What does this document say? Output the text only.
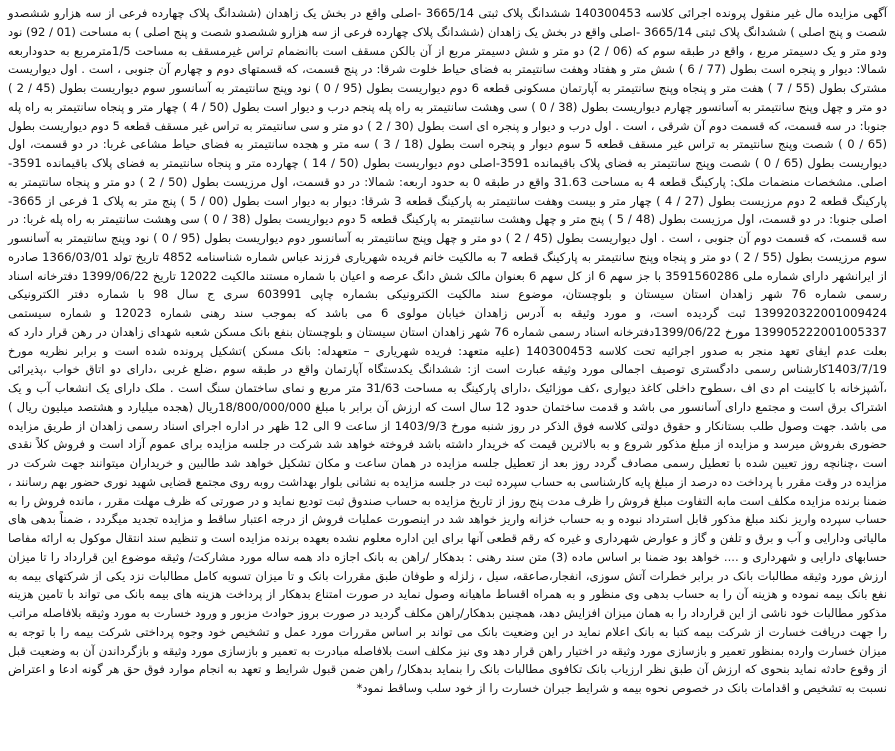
آگهی مزایده مال غیر منقول پرونده اجرائی کلاسه 140300453 ششدانگ پلاک ثبتی 3665/14 -اصلی واقع در بخش یک زاهدان (ششدانگ پلاک چهارده فرعی از سه هزارو ششصدو شصت و پنج اصلی ) ششدانگ پلاک ثبتی 3665/14 -اصلی واقع در بخش یک زاهدان (ششدانگ پلاک چهارده فرعی از سه هزارو ششصدو شصت و پنج اصلی ) به مساحت (01 / 92) نود ودو متر و یک دسیمتر مربع ، واقع در طبقه سوم که (06 / 2) دو متر و شش دسیمتر مربع از آن بالکن مسقف است باانضمام تراس غیرمسقف به مساحت 1/5مترمربع به حدوداربعه شمالا: دیوار و پنجره است بطول (77 / 6 ) شش متر و هفتاد وهفت سانتیمتر به فضای حیاط خلوت شرقا: در پنج قسمت، که قسمتهای دوم و چهارم آن جنوبی ، است . اول دیواریست مشترک بطول (55 / 7 ) هفت متر و پنجاه وپنج سانتیمتر به آپارتمان مسکونی قطعه 6 دوم دیواریست بطول (95 / 0 ) نود وپنج سانتیمتر به آسانسور سوم دیواریست بطول (45 / 2 ) دو متر و چهل وپنج سانتیمتر به آسانسور چهارم دیواریست بطول (38 / 0 ) سی وهشت سانتیمتر به راه پله پنجم درب و دیوار است بطول (50 / 4 ) چهار متر و پنجاه سانتیمتر به راه پله جنوبا: در سه قسمت، که قسمت دوم آن شرقی ، است . اول درب و دیوار و پنجره ای است بطول (30 / 2 ) دو متر و سی سانتیمتر به تراس غیر مسقف قطعه 5 دوم دیواریست بطول (65 / 0 ) شصت وپنج سانتیمتر به تراس غیر مسقف قطعه 5 سوم دیوار و پنجره است بطول (18 / 3 ) سه متر و هجده سانتیمتر به فضای حیاط مشاعی غربا: در دو قسمت، اول دیواریست بطول (65 / 0 ) شصت وپنج سانتیمتر به فضای پلاک باقیمانده 3591-اصلی دوم دیواریست بطول (50 / 14 ) چهارده متر و پنجاه سانتیمتر به فضای پلاک باقیمانده 3591-اصلی. مشخصات منضمات ملک: پارکینگ قطعه 4 به مساحت 31.63 واقع در طبقه 0 به حدود اربعه: شمالا: در دو قسمت، اول مرزیست بطول (50 / 2 ) دو متر و پنجاه سانتیمتر به پارکینگ قطعه 2 دوم مرزیست بطول (27 / 4 ) چهار متر و بیست وهفت سانتیمتر به پارکینگ قطعه 3 شرقا: دیوار به دیوار است بطول (00 / 5 ) پنج متر به پلاک 1 فرعی از 3665-اصلی جنوبا: در دو قسمت، اول مرزیست بطول (48 / 5 ) پنج متر و چهل وهشت سانتیمتر به پارکینگ قطعه 5 دوم دیواریست بطول (38 / 0 ) سی وهشت سانتیمتر به راه پله غربا: در سه قسمت، که قسمت دوم آن جنوبی ، است . اول دیواریست بطول (45 / 2 ) دو متر و چهل وپنج سانتیمتر به آسانسور دوم دیواریست بطول (95 / 0 ) نود وپنج سانتیمتر به آسانسور سوم مرزیست بطول (55 / 2 ) دو متر و پنجاه وپنج سانتیمتر به پارکینگ قطعه 7 به مالکیت خانم فریده شهریاری فرزند عباس شماره شناسنامه 4852 تاریخ تولد 1366/03/01 صادره از ایرانشهر دارای شماره ملی 3591560286 با جز سهم 6 از کل سهم 6 بعنوان مالک شش دانگ عرصه و اعیان با شماره مستند مالکیت 12022 تاریخ 1399/06/22 دفترخانه اسناد رسمی شماره 76 شهر زاهدان استان سیستان و بلوچستان، موضوع سند مالکیت الکترونیکی بشماره چاپی 603991 سری ج سال 98 با شماره دفتر الکترونیکی 139920322001009424 ثبت گردیده است، و مورد وثیقه به آدرس زاهدان خیابان مولوی 6 می باشد که بموجب سند رهنی شماره 12023 و شماره سیستمی 139905222001005337 مورخ 1399/06/22دفترخانه اسناد رسمی شماره 76 شهر زاهدان استان سیستان و بلوچستان بنفع بانک مسکن شعبه شهدای زاهدان در رهن قرار دارد که بعلت عدم ایفای تعهد منجر به صدور اجرائیه تحت کلاسه 140300453 (علیه متعهد: فریده شهریاری – متعهدله: بانک مسکن )تشکیل پرونده شده است و برابر نظریه مورخ 1403/7/19کارشناس رسمی دادگستری توصیف اجمالی مورد وثیقه عبارت است از: ششدانگ یکدستگاه آپارتمان واقع در طبقه سوم ،ضلع غربی ،دارای دو اتاق خواب ،پذیرائی ،آشپزخانه با کابینت ام دی اف ،سطوح داخلی کاغذ دیواری ،کف موزائیک ،دارای پارکینگ به مساحت 31/63 متر مربع و نمای ساختمان سنگ است . ملک دارای یک انشعاب آب و یک اشتراک برق است و مجتمع دارای آسانسور می باشد و قدمت ساختمان حدود 12 سال است که ارزش آن برابر با مبلغ 18/800/000/000ریال (هجده میلیارد و هشتصد میلیون ریال ) می باشد. جهت وصول طلب بستانکار و حقوق دولتی کلاسه فوق الذکر در روز شنبه مورخ 1403/9/3 از ساعت 9 الی 12 ظهر در اداره اجرای اسناد رسمی زاهدان از طریق مزایده حضوری بفروش میرسد و مزایده از مبلغ مذکور شروع و به بالاترین قیمت که خریدار داشته باشد فروخته خواهد شد شرکت در جلسه مزایده برای عموم آزاد است و فروش کلاً نقدی است ،چنانچه روز تعیین شده با تعطیل رسمی مصادف گردد روز بعد از تعطیل جلسه مزایده در همان ساعت و مکان تشکیل خواهد شد طالبین و خریداران میتوانند جهت شرکت در مزایده در وقت مقرر با پرداخت ده درصد از مبلغ پایه کارشناسی به حساب سپرده ثبت در جلسه مزایده به نشانی بلوار بهداشت روبه روی مجتمع قضایی شهید نوری حضور بهم رسانند ، ضمنا برنده مزایده مکلف است مابه التفاوت مبلغ فروش را ظرف مدت پنج روز از تاریخ مزایده به حساب صندوق ثبت تودیع نماید و در صورتی که ظرف مهلت مقرر ، مانده فروش را به حساب سپرده واریز نکند مبلغ مذکور قابل استرداد نبوده و به حساب خزانه واریز خواهد شد در اینصورت عملیات فروش از درجه اعتبار ساقط و مزایده تجدید میگردد ، ضمناً بدهی های مالیاتی ودارایی و آب و برق و تلفن و گاز و عوارض شهرداری و غیره که رقم قطعی آنها برای این اداره معلوم نشده بعهده برنده مزایده است و تنظیم سند انتقال موکول به ارائه مفاصا حسابهای دارایی و شهرداری و .... خواهد بود ضمنا بر اساس ماده (3) متن سند رهنی : بدهکار /راهن به بانک اجازه داد همه ساله مورد مشارکت/ وثیقه موضوع این قرارداد را تا میزان ارزش مورد وثیقه مطالبات بانک در برابر خطرات آتش سوزی، انفجار،صاعقه، سیل ، زلزله و طوفان طبق مقررات بانک و تا میزان تسویه کامل مطالبات نزد یکی از شرکتهای بیمه به نفع بانک بیمه نموده و هزینه آن را به حساب بدهی وی منظور و به همراه اقساط ماهیانه وصول نماید در صورت امتناع بدهکار از پرداخت هزینه های بیمه بانک می تواند با تامین هزینه مذکور مطالبات خود ناشی از این قرارداد را به همان میزان افزایش دهد، همچنین بدهکار/راهن مکلف گردید در صورت بروز حوادث مزبور و ورود خسارت به مورد وثیقه بلافاصله مراتب را جهت دریافت خسارت از شرکت بیمه کتبا به بانک اعلام نماید در این وضعیت بانک می تواند بر اساس مقررات مورد عمل و تشخیص خود وجوه پرداختی شرکت بیمه را با توجه به میزان خسارت وارده بمنظور تعمیر و بازسازی مورد وثیقه در اختیار راهن قرار دهد وی نیز مکلف است بلافاصله مبادرت به تعمیر و بازسازی مورد وثیقه و بازگرداندن آن به وضعیت قبل از وقوع حادثه نماید بنحوی که ارزش آن طبق نظر ارزیاب بانک تکافوی مطالبات بانک را بنماید بدهکار/ راهن ضمن قبول شرایط و تعهد به انجام موارد فوق حق هر گونه ادعا و اعتراض نسبت به تشخیص و اقدامات بانک در خصوص نحوه بیمه و شرایط جبران خسارت را از خود سلب وساقط نمود*
